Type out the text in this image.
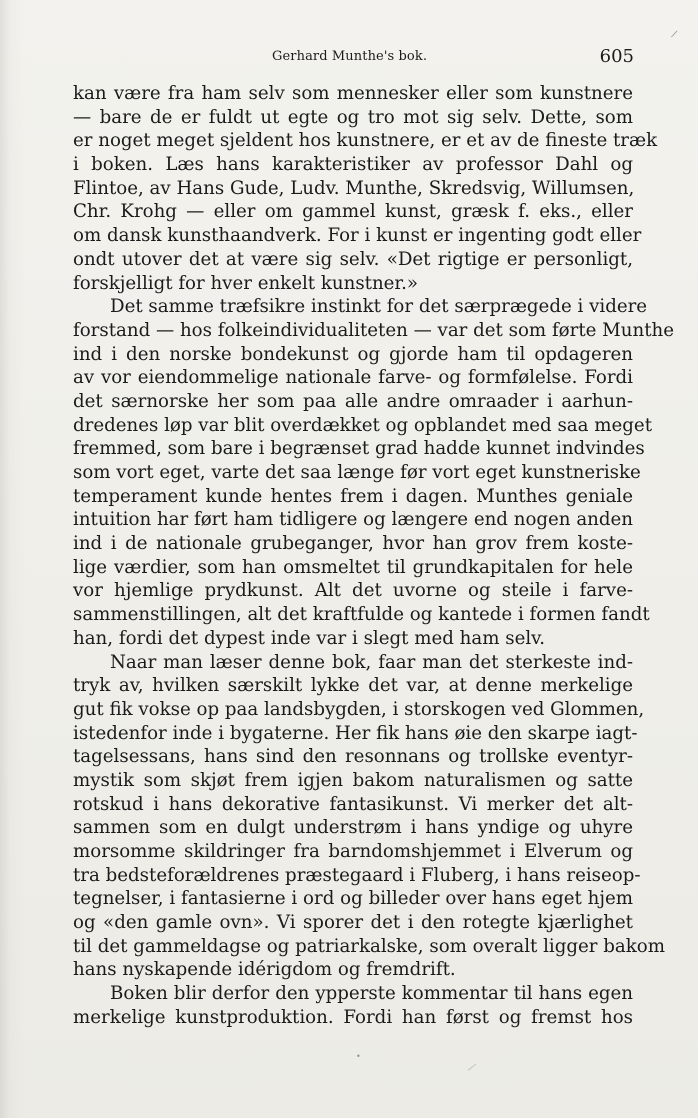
Gerhard Munthe's bok.	605
/
kan være fra ham selv som mennesker eller som kunstnere
— bare de er fuldt ut egte og tro mot sig selv. Dette, som
er noget meget sjeldent hos kunstnere, er et av de fineste træk
i boken. Læs hans karakteristiker av professor Dahl og
Flintoe, av Hans Gude, Ludv. Munthe, Skredsvig, Willumsen,
Chr. Krohg — eller om gammel kunst, græsk f. eks., eller
om dansk kunsthaandverk. For i kunst er ingenting godt eller
ondt utover det at være sig selv. «Det rigtige er personligt,
forskjelligt for hver enkelt kunstner.»
Det samme træfsikre instinkt for det særprægede i videre
forstand — hos folkeindividualiteten — var det som førte Munthe
ind i den norske bondekunst og gjorde ham til opdageren
av vor eiendommelige nationale farve- og formfølelse. Fordi
det særnorske her som paa alle andre omraader i aarhun-
dredenes løp var blit overdækket og opblandet med saa meget
fremmed, som bare i begrænset grad hadde kunnet indvindes
som vort eget, varte det saa længe før vort eget kunstneriske
temperament kunde hentes frem i dagen. Munthes geniale
intuition har ført ham tidligere og længere end nogen anden
ind i de nationale grubeganger, hvor han grov frem koste-
lige værdier, som han omsmeltet til grundkapitalen for hele
vor hjemlige prydkunst. Alt det uvorne og steile i farve-
sammenstillingen, alt det kraftfulde og kantede i formen fandt
han, fordi det dypest inde var i slegt med ham selv.
Naar man læser denne bok, faar man det sterkeste ind-
tryk av, hvilken særskilt lykke det var, at denne merkelige
gut fik vokse op paa landsbygden, i storskogen ved Glommen,
istedenfor inde i bygaterne. Her fik hans øie den skarpe iagt-
tagelsessans, hans sind den resonnans og trollske eventyr-
mystik som skjøt frem igjen bakom naturalismen og satte
rotskud i hans dekorative fantasikunst. Vi merker det alt-
sammen som en dulgt understrøm i hans yndige og uhyre
morsomme skildringer fra barndomshjemmet i Elverum og
tra bedsteforældrenes præstegaard i Fluberg, i hans reiseop-
tegnelser, i fantasierne i ord og billeder over hans eget hjem
og «den gamle ovn». Vi sporer det i den rotegte kjærlighet
til det gammeldagse og patriarkalske, som overalt ligger bakom
hans nyskapende idérigdom og fremdrift.
Boken blir derfor den ypperste kommentar til hans egen
merkelige kunstproduktion. Fordi han først og fremst hos
•
/
